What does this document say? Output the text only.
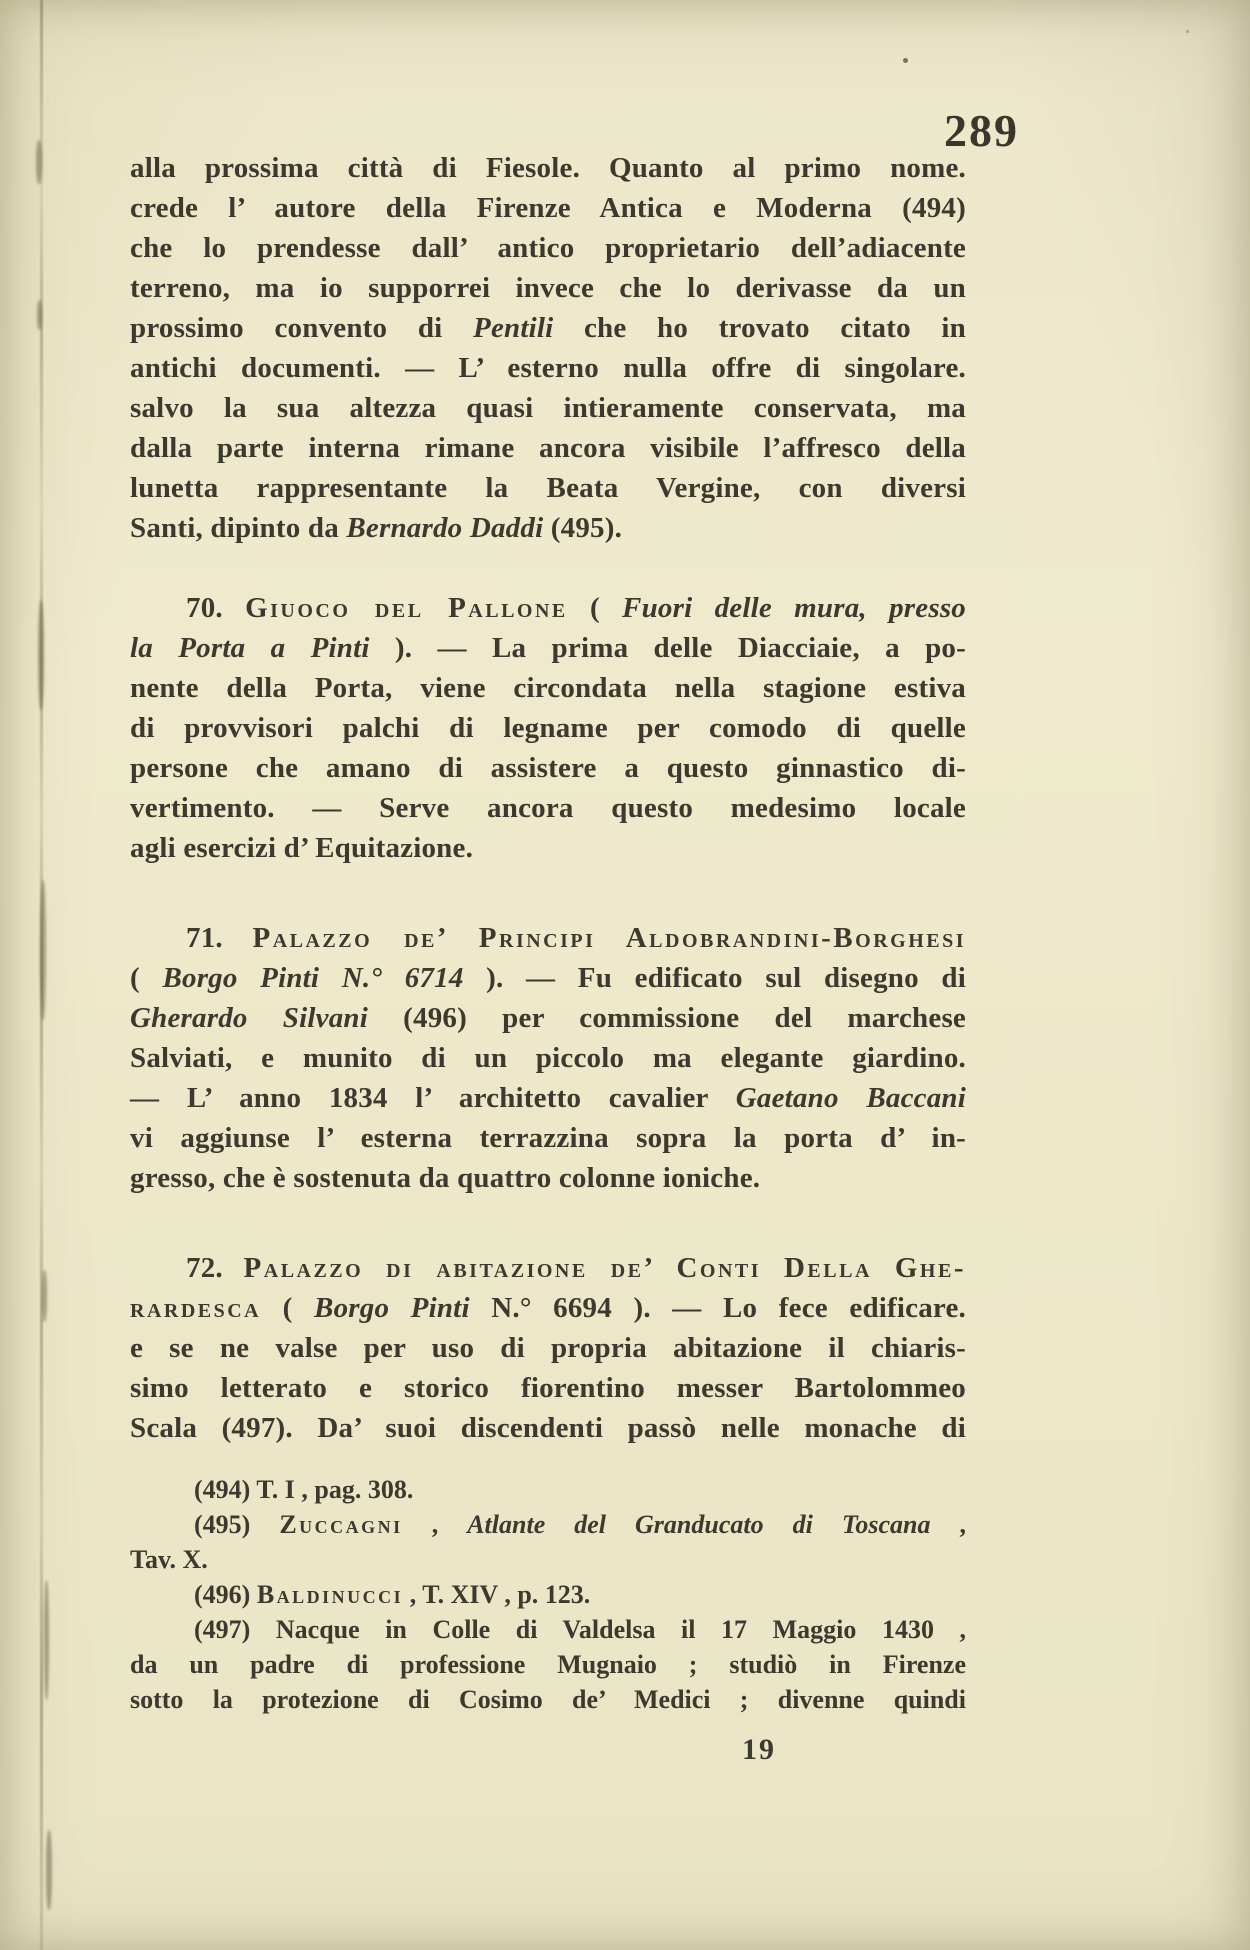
289

alla prossima città di Fiesole. Quanto al primo nome.
crede l’ autore della Firenze Antica e Moderna (494)
che lo prendesse dall’ antico proprietario dell’adiacente
terreno, ma io supporrei invece che lo derivasse da un
prossimo convento di Pentili che ho trovato citato in
antichi documenti. — L’ esterno nulla offre di singolare.
salvo la sua altezza quasi intieramente conservata, ma
dalla parte interna rimane ancora visibile l’affresco della
lunetta rappresentante la Beata Vergine, con diversi
Santi, dipinto da Bernardo Daddi (495).

70. Giuoco del Pallone ( Fuori delle mura, presso
la Porta a Pinti ). — La prima delle Diacciaie, a po-
nente della Porta, viene circondata nella stagione estiva
di provvisori palchi di legname per comodo di quelle
persone che amano di assistere a questo ginnastico di-
vertimento. — Serve ancora questo medesimo locale
agli esercizi d’ Equitazione.

71. Palazzo de’ Principi Aldobrandini-Borghesi
( Borgo Pinti N.° 6714 ). — Fu edificato sul disegno di
Gherardo Silvani (496) per commissione del marchese
Salviati, e munito di un piccolo ma elegante giardino.
— L’ anno 1834 l’ architetto cavalier Gaetano Baccani
vi aggiunse l’ esterna terrazzina sopra la porta d’ in-
gresso, che è sostenuta da quattro colonne ioniche.

72. Palazzo di abitazione de’ Conti Della Ghe-
rardesca ( Borgo Pinti N.° 6694 ). — Lo fece edificare.
e se ne valse per uso di propria abitazione il chiaris-
simo letterato e storico fiorentino messer Bartolommeo
Scala (497). Da’ suoi discendenti passò nelle monache di

(494) T. I , pag. 308.
(495) Zuccagni , Atlante del Granducato di Toscana ,
Tav. X.
(496) Baldinucci , T. XIV , p. 123.
(497) Nacque in Colle di Valdelsa il 17 Maggio 1430 ,
da un padre di professione Mugnaio ; studiò in Firenze
sotto la protezione di Cosimo de’ Medici ; divenne quindi
19
